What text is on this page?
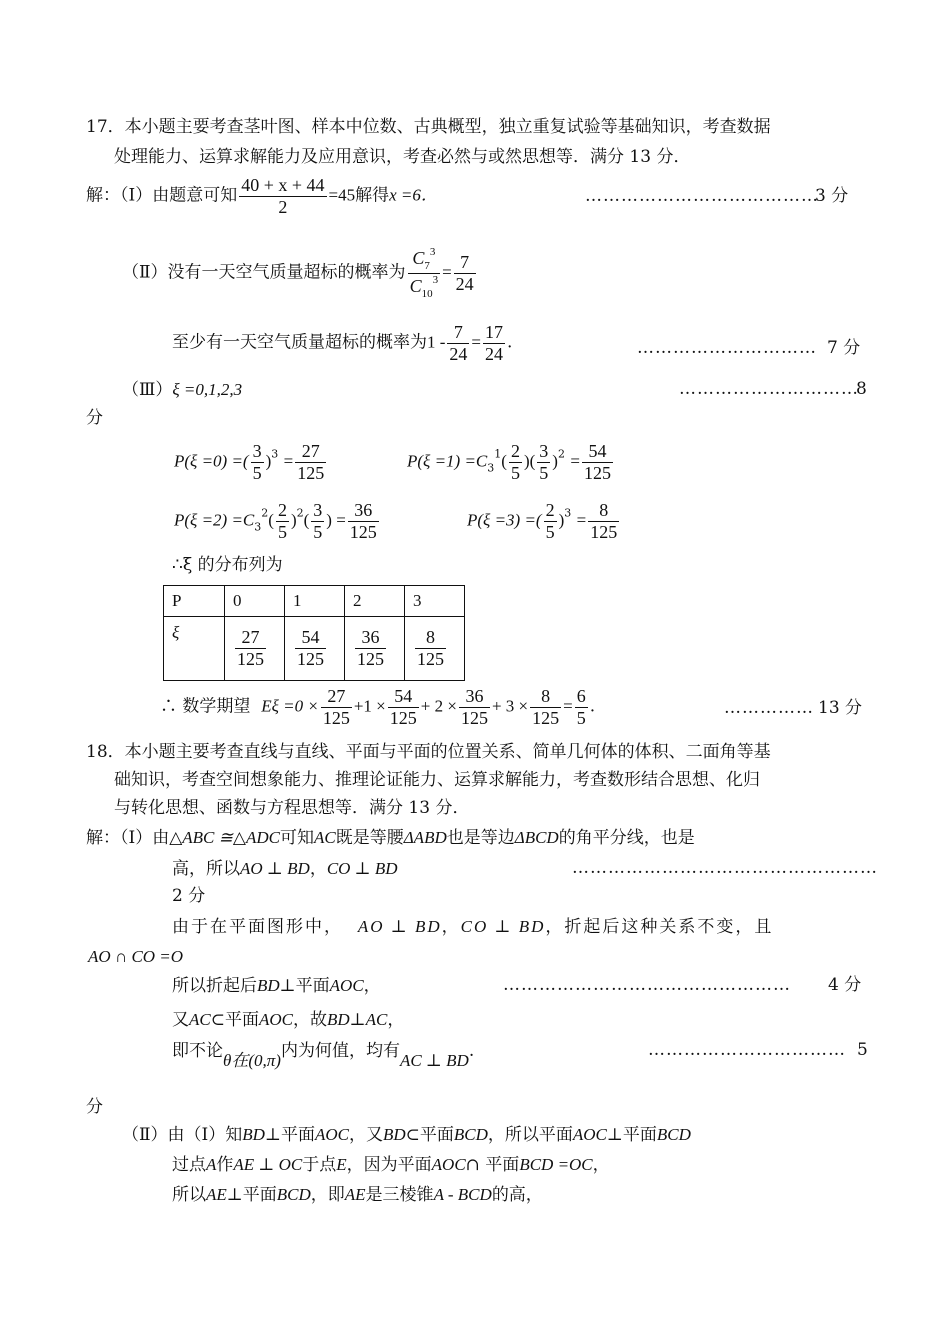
17．本小题主要考查茎叶图、样本中位数、古典概型，独立重复试验等基础知识，考查数据
处理能力、运算求解能力及应用意识，考查必然与或然思想等．满分 13 分．
解：（Ⅰ）由题意可知 $\frac{40 + x + 44}{2} =45$解得x =6．	…………………………………
3 分
（Ⅱ）没有一天空气质量超标的概率为 $\frac{C_7^3}{C_{10}^3} = \frac{7}{24}$
至少有一天空气质量超标的概率为$1 - \frac{7}{24} = \frac{17}{24}$ .	………………………… 7 分
（Ⅲ）ξ =0,1,2,3	…………………………
8
分
P(ξ =0) =( $\frac{3}{5} )^3 = \frac{27}{125}$	$P(\xi =1) =C_3^1( \frac{2}{5}$ )( $\frac{3}{5} )^2 = \frac{54}{125}$
$P(\xi =2) =C_3^2( \frac{2}{5} )^2( \frac{3}{5}$ ) = $\frac{36}{125}$	P(ξ =3) =( $\frac{2}{5} )^3 = \frac{8}{125}$
∴ξ 的分布列为
P	0	1	2	3
ξ	$\frac{27}{125}$	$\frac{54}{125}$	$\frac{36}{125}$	$\frac{8}{125}$
∴ 数学期望 $E\xi =0 \times \frac{27}{125} +1 \times \frac{54}{125} + 2 \times \frac{36}{125} + 3 \times \frac{8}{125} = \frac{6}{5}$ .	…………… 13 分
18．本小题主要考查直线与直线、平面与平面的位置关系、简单几何体的体积、二面角等基
础知识，考查空间想象能力、推理论证能力、运算求解能力，考查数形结合思想、化归
与转化思想、函数与方程思想等．满分 13 分．
解：（Ⅰ）由△ABC ≅△ADC可知AC既是等腰ΔABD也是等边ΔBCD的角平分线，也是
高，所以AO ⊥ BD，CO ⊥ BD	……………………………………………
2 分
由于在平面图形中， AO ⊥ BD，CO ⊥ BD，折起后这种关系不变，且
AO ∩ CO =O
所以折起后BD⊥平面AOC，	………………………………………… 4 分
又AC⊂平面AOC，故BD⊥AC，
即不论θ在(0,π)内为何值，均有AC ⊥ BD.	…………………………… 5
分
（Ⅱ）由（Ⅰ）知BD⊥平面AOC，又BD⊂平面BCD，所以平面AOC⊥平面BCD
过点A作AE ⊥ OC于点E，因为平面AOC∩ 平面BCD =OC，
所以AE⊥平面BCD，即AE是三棱锥A - BCD的高，
